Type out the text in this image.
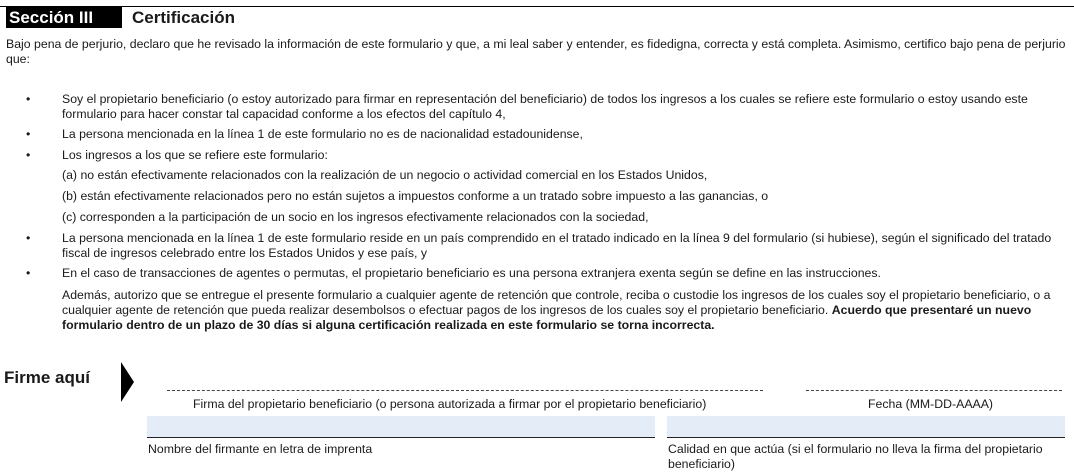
Sección III	Certificación
Bajo pena de perjurio, declaro que he revisado la información de este formulario y que, a mi leal saber y entender, es fidedigna, correcta y está completa. Asimismo, certifico bajo pena de perjurio que:
•	Soy el propietario beneficiario (o estoy autorizado para firmar en representación del beneficiario) de todos los ingresos a los cuales se refiere este formulario o estoy usando este formulario para hacer constar tal capacidad conforme a los efectos del capítulo 4,
•	La persona mencionada en la línea 1 de este formulario no es de nacionalidad estadounidense,
•	Los ingresos a los que se refiere este formulario:
(a) no están efectivamente relacionados con la realización de un negocio o actividad comercial en los Estados Unidos,
(b) están efectivamente relacionados pero no están sujetos a impuestos conforme a un tratado sobre impuesto a las ganancias, o
(c) corresponden a la participación de un socio en los ingresos efectivamente relacionados con la sociedad,
•	La persona mencionada en la línea 1 de este formulario reside en un país comprendido en el tratado indicado en la línea 9 del formulario (si hubiese), según el significado del tratado fiscal de ingresos celebrado entre los Estados Unidos y ese país, y
•	En el caso de transacciones de agentes o permutas, el propietario beneficiario es una persona extranjera exenta según se define en las instrucciones.
Además, autorizo que se entregue el presente formulario a cualquier agente de retención que controle, reciba o custodie los ingresos de los cuales soy el propietario beneficiario, o a cualquier agente de retención que pueda realizar desembolsos o efectuar pagos de los ingresos de los cuales soy el propietario beneficiario. Acuerdo que presentaré un nuevo formulario dentro de un plazo de 30 días si alguna certificación realizada en este formulario se torna incorrecta.
Firme aquí
Firma del propietario beneficiario (o persona autorizada a firmar por el propietario beneficiario)	Fecha (MM-DD-AAAA)
Nombre del firmante en letra de imprenta	Calidad en que actúa (si el formulario no lleva la firma del propietario beneficiario)
